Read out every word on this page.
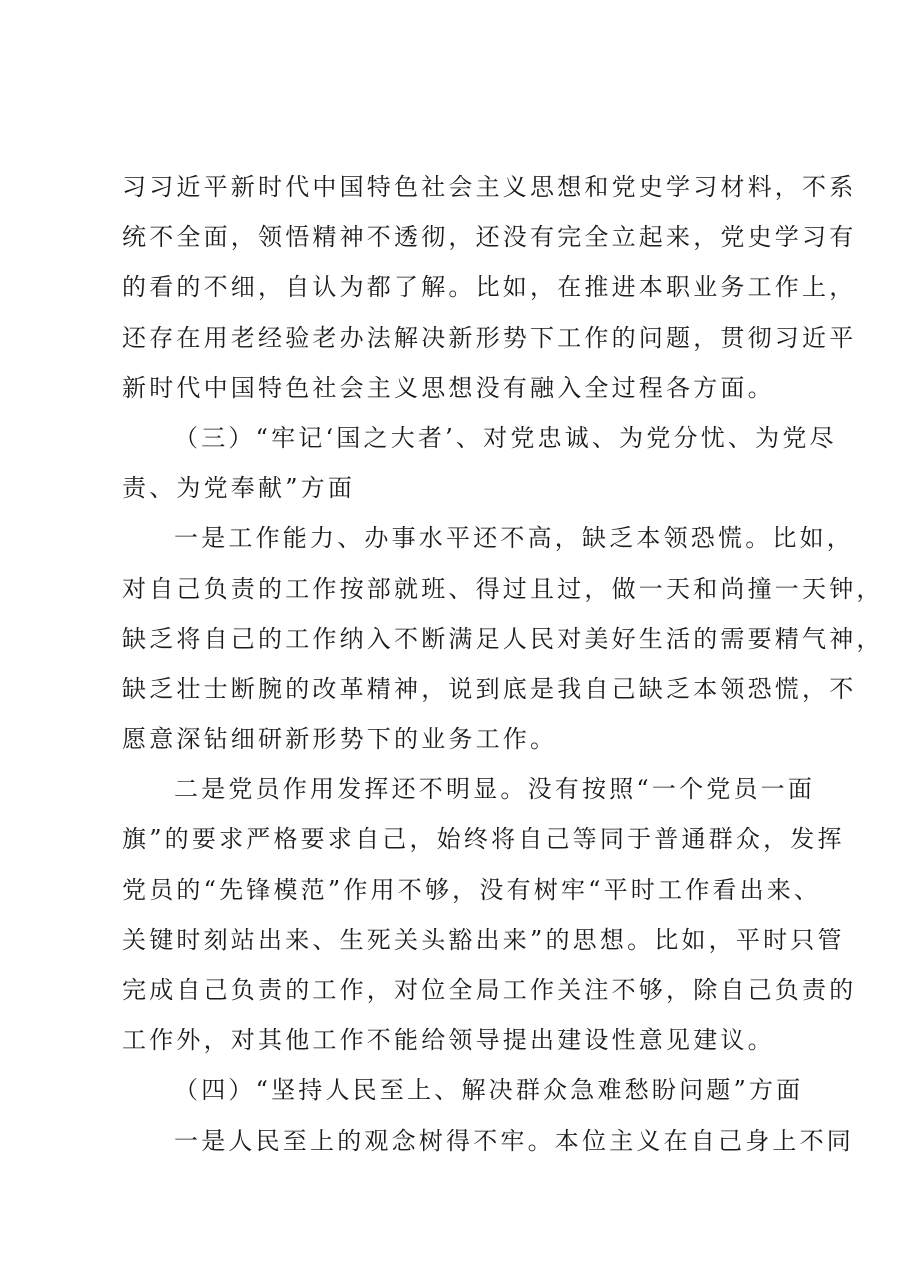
习习近平新时代中国特色社会主义思想和党史学习材料，不系
统不全面，领悟精神不透彻，还没有完全立起来，党史学习有
的看的不细，自认为都了解。比如，在推进本职业务工作上，
还存在用老经验老办法解决新形势下工作的问题，贯彻习近平
新时代中国特色社会主义思想没有融入全过程各方面。
（三）“牢记‘国之大者’、对党忠诚、为党分忧、为党尽
责、为党奉献”方面
一是工作能力、办事水平还不高，缺乏本领恐慌。比如，
对自己负责的工作按部就班、得过且过，做一天和尚撞一天钟，
缺乏将自己的工作纳入不断满足人民对美好生活的需要精气神，
缺乏壮士断腕的改革精神，说到底是我自己缺乏本领恐慌，不
愿意深钻细研新形势下的业务工作。
二是党员作用发挥还不明显。没有按照“一个党员一面
旗”的要求严格要求自己，始终将自己等同于普通群众，发挥
党员的“先锋模范”作用不够，没有树牢“平时工作看出来、
关键时刻站出来、生死关头豁出来”的思想。比如，平时只管
完成自己负责的工作，对位全局工作关注不够，除自己负责的
工作外，对其他工作不能给领导提出建设性意见建议。
（四）“坚持人民至上、解决群众急难愁盼问题”方面
一是人民至上的观念树得不牢。本位主义在自己身上不同
